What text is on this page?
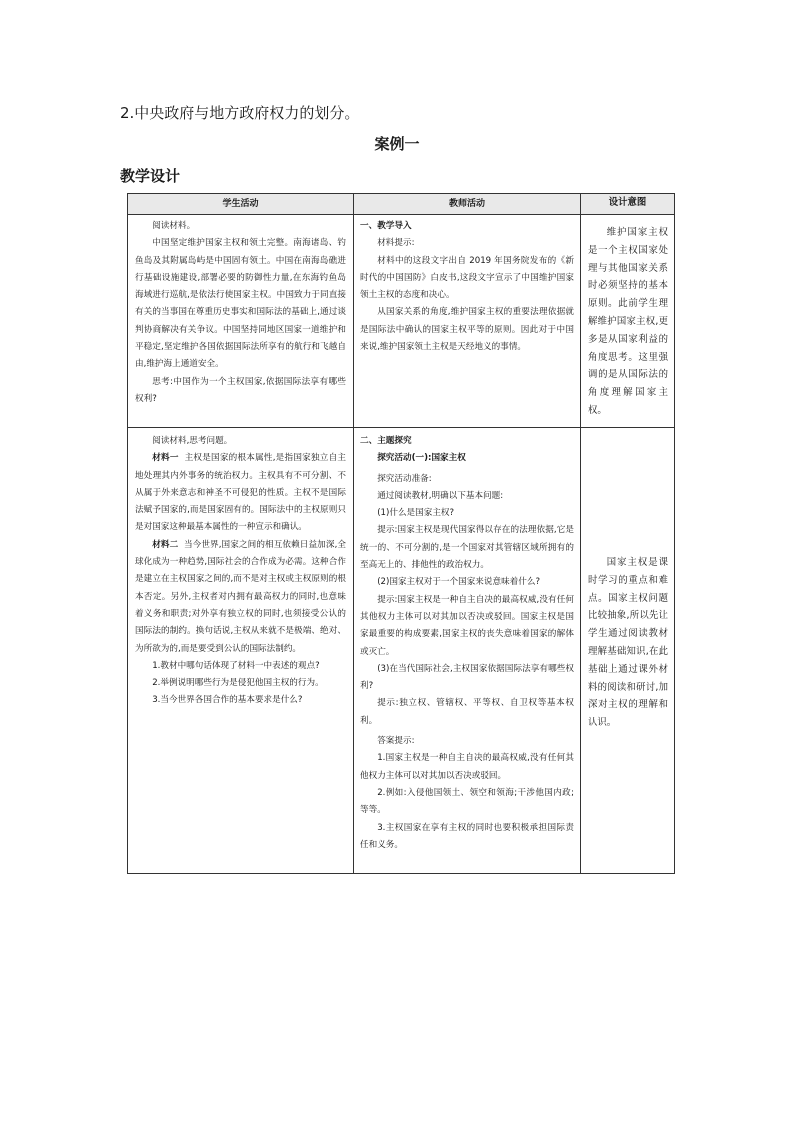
2.中央政府与地方政府权力的划分。
案例一
教学设计
学生活动	教师活动	设计意图

阅读材料。

中国坚定维护国家主权和领土完整。南海诸岛、钓鱼岛及其附属岛屿是中国固有领土。中国在南海岛礁进行基础设施建设,部署必要的防御性力量,在东海钓鱼岛海域进行巡航,是依法行使国家主权。中国致力于同直接有关的当事国在尊重历史事实和国际法的基础上,通过谈判协商解决有关争议。中国坚持同地区国家一道维护和平稳定,坚定维护各国依据国际法所享有的航行和飞越自由,维护海上通道安全。

思考:中国作为一个主权国家,依据国际法享有哪些权利?

一、教学导入

材料提示:

材料中的这段文字出自 2019 年国务院发布的《新时代的中国国防》白皮书,这段文字宣示了中国维护国家领土主权的态度和决心。

从国家关系的角度,维护国家主权的重要法理依据就是国际法中确认的国家主权平等的原则。因此对于中国来说,维护国家领土主权是天经地义的事情。

维护国家主权是一个主权国家处理与其他国家关系时必须坚持的基本原则。此前学生理解维护国家主权,更多是从国家利益的角度思考。这里强调的是从国际法的角度理解国家主权。

阅读材料,思考问题。

材料一 主权是国家的根本属性,是指国家独立自主地处理其内外事务的统治权力。主权具有不可分割、不从属于外来意志和神圣不可侵犯的性质。主权不是国际法赋予国家的,而是国家固有的。国际法中的主权原则只是对国家这种最基本属性的一种宣示和确认。

材料二 当今世界,国家之间的相互依赖日益加深,全球化成为一种趋势,国际社会的合作成为必需。这种合作是建立在主权国家之间的,而不是对主权或主权原则的根本否定。另外,主权者对内拥有最高权力的同时,也意味着义务和职责;对外享有独立权的同时,也须接受公认的国际法的制约。换句话说,主权从来就不是极端、绝对、为所欲为的,而是要受到公认的国际法制约。

1.教材中哪句话体现了材料一中表述的观点?

2.举例说明哪些行为是侵犯他国主权的行为。

3.当今世界各国合作的基本要求是什么?

二、主题探究

探究活动(一):国家主权

探究活动准备:

通过阅读教材,明确以下基本问题:

(1)什么是国家主权?

提示:国家主权是现代国家得以存在的法理依据,它是统一的、不可分割的,是一个国家对其管辖区域所拥有的至高无上的、排他性的政治权力。

(2)国家主权对于一个国家来说意味着什么?

提示:国家主权是一种自主自决的最高权威,没有任何其他权力主体可以对其加以否决或驳回。国家主权是国家最重要的构成要素,国家主权的丧失意味着国家的解体或灭亡。

(3)在当代国际社会,主权国家依据国际法享有哪些权利?

提示:独立权、管辖权、平等权、自卫权等基本权利。

答案提示:

1.国家主权是一种自主自决的最高权威,没有任何其他权力主体可以对其加以否决或驳回。

2.例如:入侵他国领土、领空和领海;干涉他国内政;等等。

3.主权国家在享有主权的同时也要积极承担国际责任和义务。

国家主权是课时学习的重点和难点。国家主权问题比较抽象,所以先让学生通过阅读教材理解基础知识,在此基础上通过课外材料的阅读和研讨,加深对主权的理解和认识。
